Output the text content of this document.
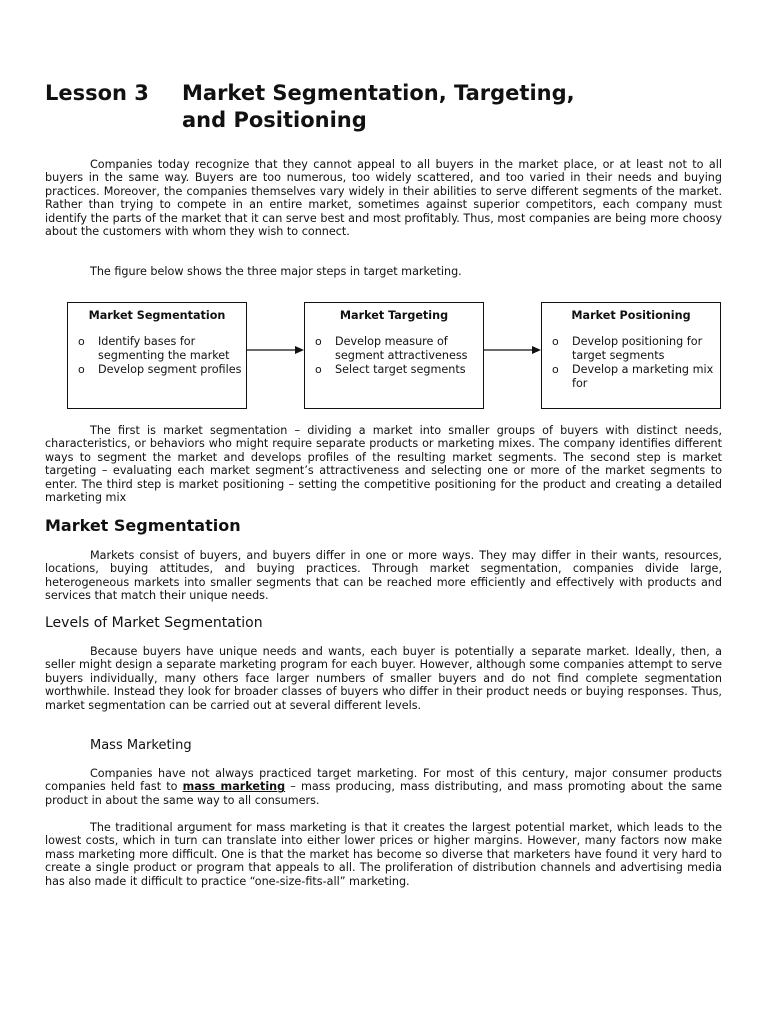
Lesson 3 Market Segmentation, Targeting,
and Positioning

Companies today recognize that they cannot appeal to all buyers in the market place, or at least not to all buyers in the same way. Buyers are too numerous, too widely scattered, and too varied in their needs and buying practices. Moreover, the companies themselves vary widely in their abilities to serve different segments of the market. Rather than trying to compete in an entire market, sometimes against superior competitors, each company must identify the parts of the market that it can serve best and most profitably. Thus, most companies are being more choosy about the customers with whom they wish to connect.

The figure below shows the three major steps in target marketing.

Market Segmentation
o Identify bases for segmenting the market
o Develop segment profiles
Market Targeting
o Develop measure of segment attractiveness
o Select target segments
Market Positioning
o Develop positioning for target segments
o Develop a marketing mix for

The first is market segmentation – dividing a market into smaller groups of buyers with distinct needs, characteristics, or behaviors who might require separate products or marketing mixes. The company identifies different ways to segment the market and develops profiles of the resulting market segments. The second step is market targeting – evaluating each market segment’s attractiveness and selecting one or more of the market segments to enter. The third step is market positioning – setting the competitive positioning for the product and creating a detailed marketing mix

Market Segmentation

Markets consist of buyers, and buyers differ in one or more ways. They may differ in their wants, resources, locations, buying attitudes, and buying practices. Through market segmentation, companies divide large, heterogeneous markets into smaller segments that can be reached more efficiently and effectively with products and services that match their unique needs.

Levels of Market Segmentation

Because buyers have unique needs and wants, each buyer is potentially a separate market. Ideally, then, a seller might design a separate marketing program for each buyer. However, although some companies attempt to serve buyers individually, many others face larger numbers of smaller buyers and do not find complete segmentation worthwhile. Instead they look for broader classes of buyers who differ in their product needs or buying responses. Thus, market segmentation can be carried out at several different levels.

Mass Marketing

Companies have not always practiced target marketing. For most of this century, major consumer products companies held fast to mass marketing – mass producing, mass distributing, and mass promoting about the same product in about the same way to all consumers.

The traditional argument for mass marketing is that it creates the largest potential market, which leads to the lowest costs, which in turn can translate into either lower prices or higher margins. However, many factors now make mass marketing more difficult. One is that the market has become so diverse that marketers have found it very hard to create a single product or program that appeals to all. The proliferation of distribution channels and advertising media has also made it difficult to practice “one-size-fits-all” marketing.
